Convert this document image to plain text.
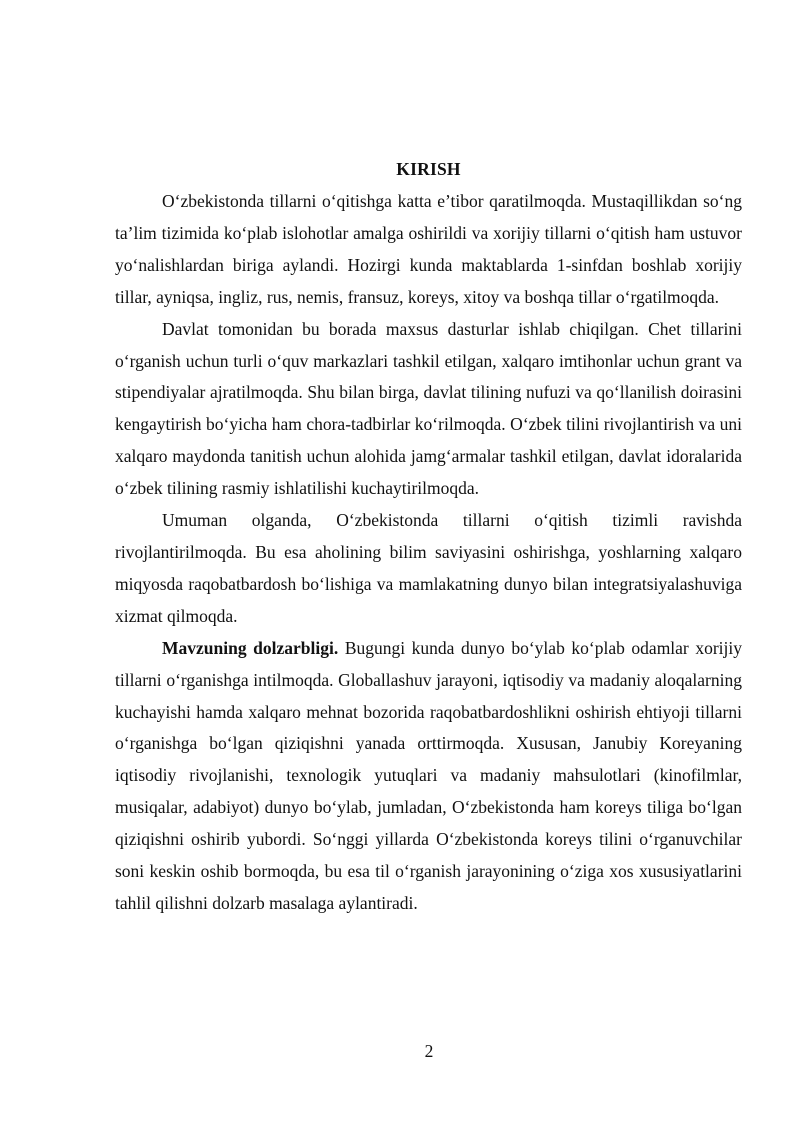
KIRISH

O‘zbekistonda tillarni o‘qitishga katta e’tibor qaratilmoqda. Mustaqillikdan so‘ng ta’lim tizimida ko‘plab islohotlar amalga oshirildi va xorijiy tillarni o‘qitish ham ustuvor yo‘nalishlardan biriga aylandi. Hozirgi kunda maktablarda 1-sinfdan boshlab xorijiy tillar, ayniqsa, ingliz, rus, nemis, fransuz, koreys, xitoy va boshqa tillar o‘rgatilmoqda.

Davlat tomonidan bu borada maxsus dasturlar ishlab chiqilgan. Chet tillarini o‘rganish uchun turli o‘quv markazlari tashkil etilgan, xalqaro imtihonlar uchun grant va stipendiyalar ajratilmoqda. Shu bilan birga, davlat tilining nufuzi va qo‘llanilish doirasini kengaytirish bo‘yicha ham chora-tadbirlar ko‘rilmoqda. O‘zbek tilini rivojlantirish va uni xalqaro maydonda tanitish uchun alohida jamg‘armalar tashkil etilgan, davlat idoralarida o‘zbek tilining rasmiy ishlatilishi kuchaytirilmoqda.

Umuman olganda, O‘zbekistonda tillarni o‘qitish tizimli ravishda rivojlantirilmoqda. Bu esa aholining bilim saviyasini oshirishga, yoshlarning xalqaro miqyosda raqobatbardosh bo‘lishiga va mamlakatning dunyo bilan integratsiyalashuviga xizmat qilmoqda.

Mavzuning dolzarbligi. Bugungi kunda dunyo bo‘ylab ko‘plab odamlar xorijiy tillarni o‘rganishga intilmoqda. Globallashuv jarayoni, iqtisodiy va madaniy aloqalarning kuchayishi hamda xalqaro mehnat bozorida raqobatbardoshlikni oshirish ehtiyoji tillarni o‘rganishga bo‘lgan qiziqishni yanada orttirmoqda. Xususan, Janubiy Koreyaning iqtisodiy rivojlanishi, texnologik yutuqlari va madaniy mahsulotlari (kinofilmlar, musiqalar, adabiyot) dunyo bo‘ylab, jumladan, O‘zbekistonda ham koreys tiliga bo‘lgan qiziqishni oshirib yubordi. So‘nggi yillarda O‘zbekistonda koreys tilini o‘rganuvchilar soni keskin oshib bormoqda, bu esa til o‘rganish jarayonining o‘ziga xos xususiyatlarini tahlil qilishni dolzarb masalaga aylantiradi.

2
